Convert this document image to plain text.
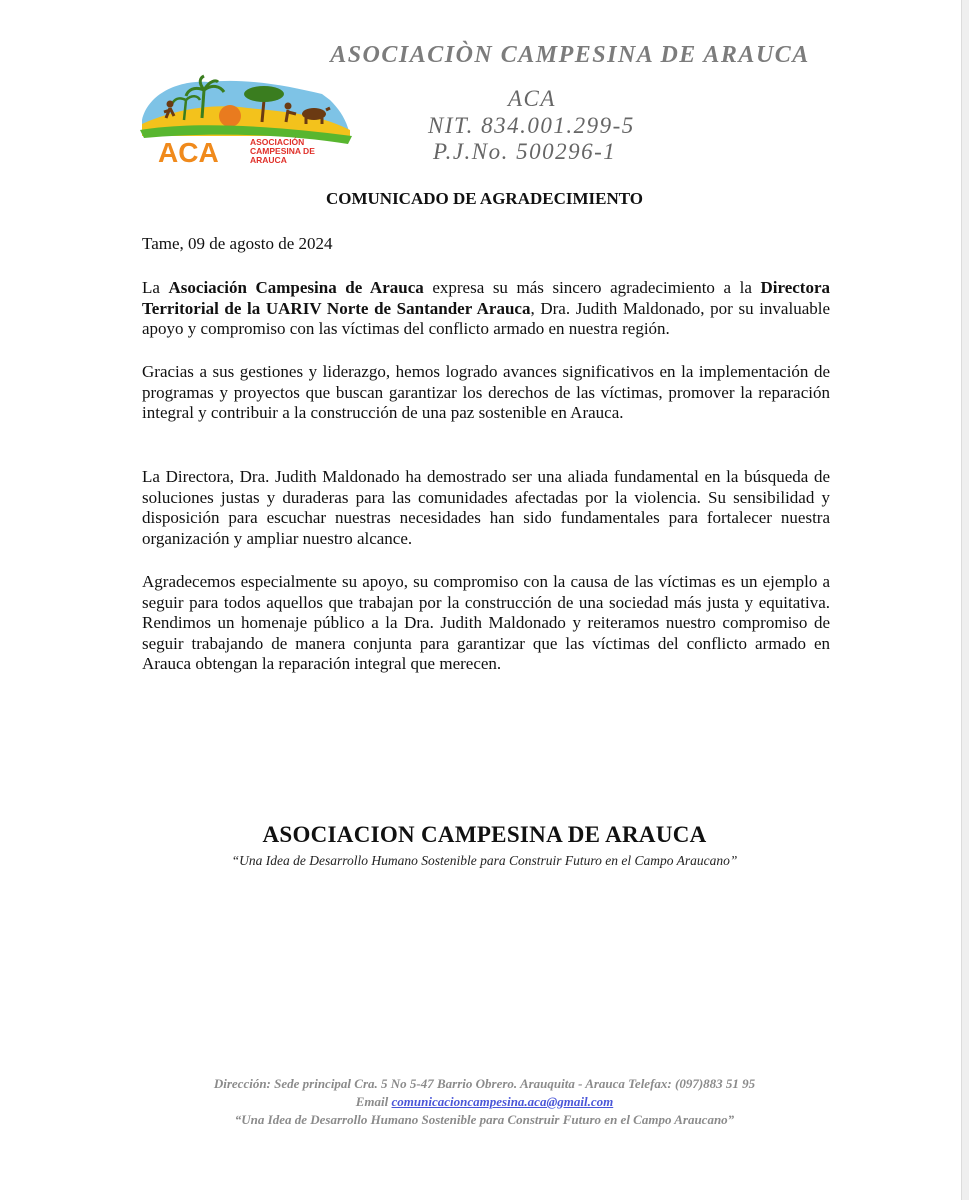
ACA	ASOCIACIÓN
CAMPESINA DE
ARAUCA
ASOCIACIÒN CAMPESINA DE ARAUCA
ACA
NIT. 834.001.299-5
P.J.No. 500296-1
COMUNICADO DE AGRADECIMIENTO
Tame, 09 de agosto de 2024
La Asociación Campesina de Arauca expresa su más sincero agradecimiento a la Directora Territorial de la UARIV Norte de Santander Arauca, Dra. Judith Maldonado, por su invaluable apoyo y compromiso con las víctimas del conflicto armado en nuestra región.
Gracias a sus gestiones y liderazgo, hemos logrado avances significativos en la implementación de programas y proyectos que buscan garantizar los derechos de las víctimas, promover la reparación integral y contribuir a la construcción de una paz sostenible en Arauca.
La Directora, Dra. Judith Maldonado ha demostrado ser una aliada fundamental en la búsqueda de soluciones justas y duraderas para las comunidades afectadas por la violencia. Su sensibilidad y disposición para escuchar nuestras necesidades han sido fundamentales para fortalecer nuestra organización y ampliar nuestro alcance.
Agradecemos especialmente su apoyo, su compromiso con la causa de las víctimas es un ejemplo a seguir para todos aquellos que trabajan por la construcción de una sociedad más justa y equitativa. Rendimos un homenaje público a la Dra. Judith Maldonado y reiteramos nuestro compromiso de seguir trabajando de manera conjunta para garantizar que las víctimas del conflicto armado en Arauca obtengan la reparación integral que merecen.
ASOCIACION CAMPESINA DE ARAUCA
“Una Idea de Desarrollo Humano Sostenible para Construir Futuro en el Campo Araucano”
Dirección: Sede principal Cra. 5 No 5-47 Barrio Obrero. Arauquita - Arauca Telefax: (097)883 51 95
Email comunicacioncampesina.aca@gmail.com
“Una Idea de Desarrollo Humano Sostenible para Construir Futuro en el Campo Araucano”
